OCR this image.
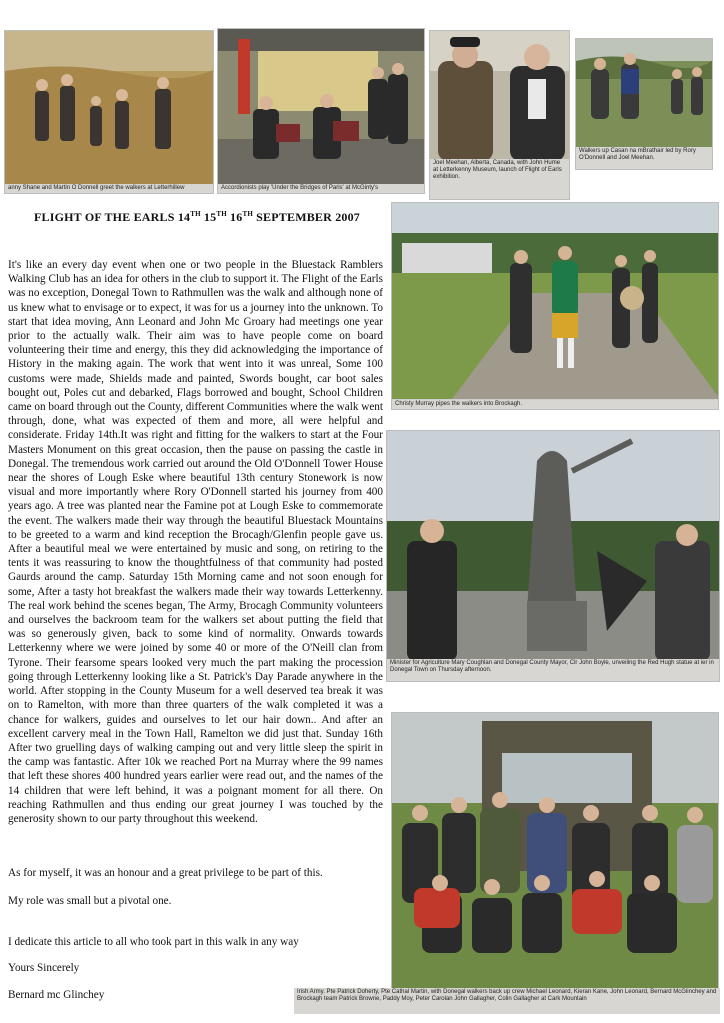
anny Shane and Martin O Donnell greet the walkers at Letterhillew	Accordionists play 'Under the Bridges of Paris' at McGinty's
Joel Meehan, Alberta, Canada, with John Hume at Letterkenny Museum, launch of Flight of Earls exhibition.
Walkers up Casan na mBrathair led by Rory O'Donnell and Joel Meehan.
FLIGHT OF THE EARLS 14TH 15TH 16TH SEPTEMBER 2007

It's like an every day event when one or two people in the Bluestack Ramblers Walking Club has an idea for others in the club to support it. The Flight of the Earls was no exception, Donegal Town to Rathmullen was the walk and although none of us knew what to envisage or to expect, it was for us a journey into the unknown. To start that idea moving, Ann Leonard and John Mc Groary had meetings one year prior to the actually walk. Their aim was to have people come on board volunteering their time and energy, this they did acknowledging the importance of History in the making again. The work that went into it was unreal, Some 100 customs were made, Shields made and painted, Swords bought, car boot sales bought out, Poles cut and debarked, Flags borrowed and bought, School Children came on board through out the County, different Communities where the walk went through, done, what was expected of them and more, all were helpful and considerate. Friday 14th.It was right and fitting for the walkers to start at the Four Masters Monument on this great occasion, then the pause on passing the castle in Donegal. The tremendous work carried out around the Old O'Donnell Tower House near the shores of Lough Eske where beautiful 13th century Stonework is now visual and more importantly where Rory O'Donnell started his journey from 400 years ago. A tree was planted near the Famine pot at Lough Eske to commemorate the event. The walkers made their way through the beautiful Bluestack Mountains to be greeted to a warm and kind reception the Brocagh/Glenfin people gave us. After a beautiful meal we were entertained by music and song, on retiring to the tents it was reassuring to know the thoughtfulness of that community had posted Gaurds around the camp. Saturday 15th Morning came and not soon enough for some, After a tasty hot breakfast the walkers made their way towards Letterkenny. The real work behind the scenes began, The Army, Brocagh Community volunteers and ourselves the backroom team for the walkers set about putting the field that was so generously given, back to some kind of normality. Onwards towards Letterkenny where we were joined by some 40 or more of the O'Neill clan from Tyrone. Their fearsome spears looked very much the part making the procession going through Letterkenny looking like a St. Patrick's Day Parade anywhere in the world. After stopping in the County Museum for a well deserved tea break it was on to Ramelton, with more than three quarters of the walk completed it was a chance for walkers, guides and ourselves to let our hair down.. And after an excellent carvery meal in the Town Hall, Ramelton we did just that. Sunday 16th After two gruelling days of walking camping out and very little sleep the spirit in the camp was fantastic. After 10k we reached Port na Murray where the 99 names that left these shores 400 hundred years earlier were read out, and the names of the 14 children that were left behind, it was a poignant moment for all there. On reaching Rathmullen and thus ending our great journey I was touched by the generosity shown to our party throughout this weekend.

As for myself, it was an honour and a great privilege to be part of this.
My role was small but a pivotal one.
I dedicate this article to all who took part in this walk in any way
Yours Sincerely
Bernard mc Glinchey
Christy Murray pipes the walkers into Brockagh.
Minister for Agriculture Mary Coughlan and Donegal County Mayor, Clr John Boyle, unveiling the Red Hugh statue at ier in Donegal Town on Thursday afternoon.
Irish Army. Pte Patrick Doherty, Pte Cathal Martin, with Donegal walkers back up crew Michael Leonard, Kieran Kane, John Leonard, Bernard McGlinchey and Brockagh team Patrick Browne, Paddy Moy, Peter Carolan John Gallagher, Colin Gallagher at Cark Mountain
